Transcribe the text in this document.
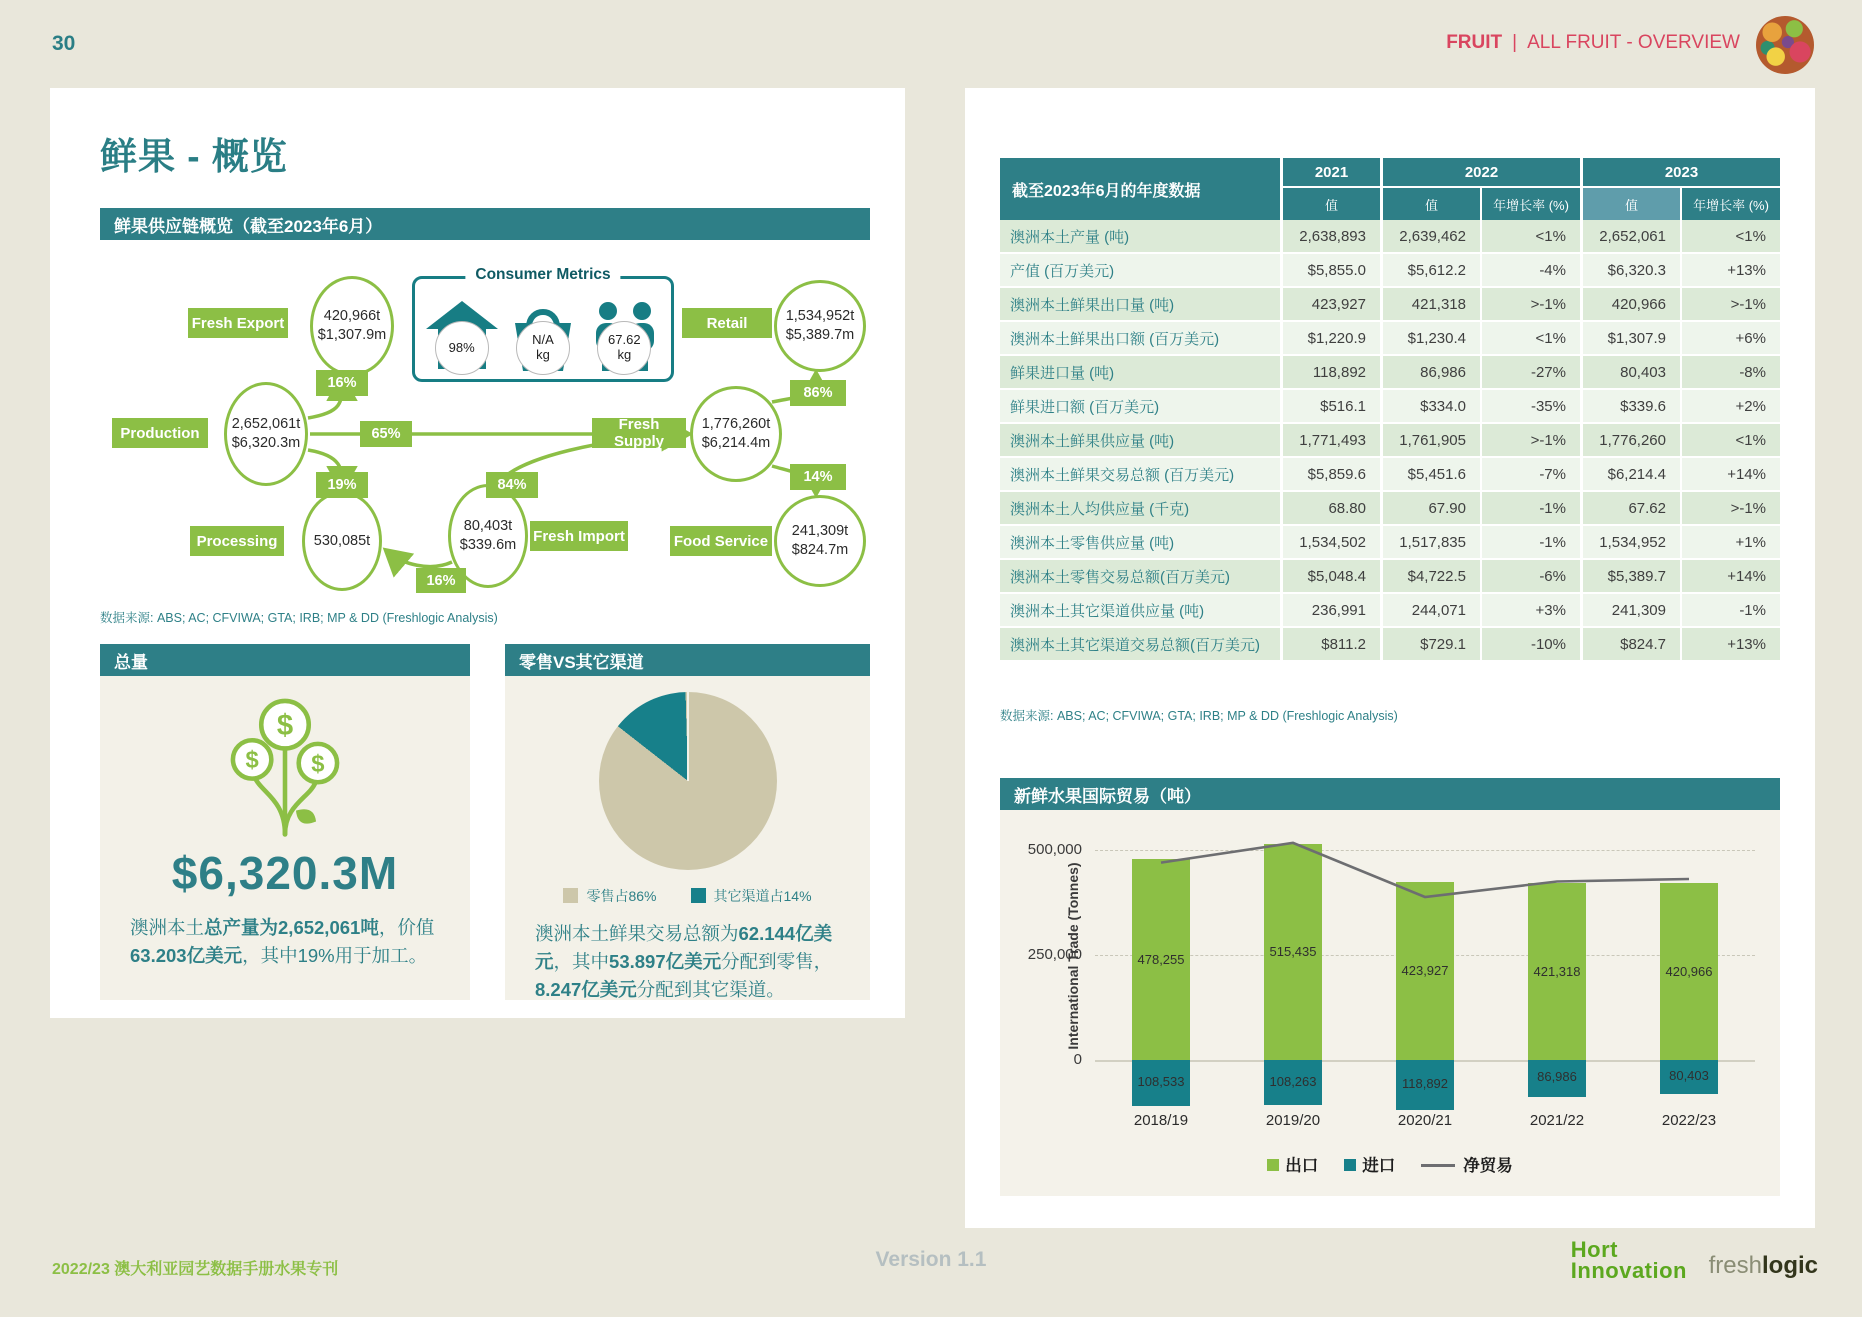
30	FRUIT | ALL FRUIT - OVERVIEW
鲜果 - 概览
鲜果供应链概览（截至2023年6月）
Fresh Export	420,966t
$1,307.9m
Consumer Metrics
98%	N/A
kg
67.62
kg
Retail	1,534,952t
$5,389.7m
Production
2,652,061t
$6,320.3m
16%
65%
19%	84%
Fresh Supply
1,776,260t
$6,214.4m
86%
14%
Processing	530,085t
16%
80,403t
$339.6m
Fresh Import	Food Service
241,309t
$824.7m
数据来源: ABS; AC; CFVIWA; GTA; IRB; MP & DD (Freshlogic Analysis)
总量	零售VS其它渠道
$
$ $
$6,320.3M
澳洲本土总产量为2,652,061吨，价值63.203亿美元，其中19%用于加工。
零售占86%	其它渠道占14%
澳洲本土鲜果交易总额为62.144亿美元，其中53.897亿美元分配到零售，8.247亿美元分配到其它渠道。
截至2023年6月的年度数据	2021	2022		2023	
	值	值	年增长率 (%)	值	年增长率 (%)
澳洲本土产量 (吨)	2,638,893	2,639,462	<1%	2,652,061	<1%
产值 (百万美元)	$5,855.0	$5,612.2	-4%	$6,320.3	+13%
澳洲本土鲜果出口量 (吨)	423,927	421,318	>-1%	420,966	>-1%
澳洲本土鲜果出口额 (百万美元)	$1,220.9	$1,230.4	<1%	$1,307.9	+6%
鲜果进口量 (吨)	118,892	86,986	-27%	80,403	-8%
鲜果进口额 (百万美元)	$516.1	$334.0	-35%	$339.6	+2%
澳洲本土鲜果供应量 (吨)	1,771,493	1,761,905	>-1%	1,776,260	<1%
澳洲本土鲜果交易总额 (百万美元)	$5,859.6	$5,451.6	-7%	$6,214.4	+14%
澳洲本土人均供应量 (千克)	68.80	67.90	-1%	67.62	>-1%
澳洲本土零售供应量 (吨)	1,534,502	1,517,835	-1%	1,534,952	+1%
澳洲本土零售交易总额(百万美元)	$5,048.4	$4,722.5	-6%	$5,389.7	+14%
澳洲本土其它渠道供应量 (吨)	236,991	244,071	+3%	241,309	-1%
澳洲本土其它渠道交易总额(百万美元)	$811.2	$729.1	-10%	$824.7	+13%
数据来源: ABS; AC; CFVIWA; GTA; IRB; MP & DD (Freshlogic Analysis)
新鲜水果国际贸易（吨）
International Trade (Tonnes)
500,000
250,000
0
出口	进口	净贸易
478,255
108,533
2018/19
515,435
108,263
2019/20
423,927
118,892
2020/21
421,318
86,986
2021/22
420,966
80,403
2022/23
2022/23 澳大利亚园艺数据手册水果专刊	Version 1.1	Hort
Innovation freshlogic
